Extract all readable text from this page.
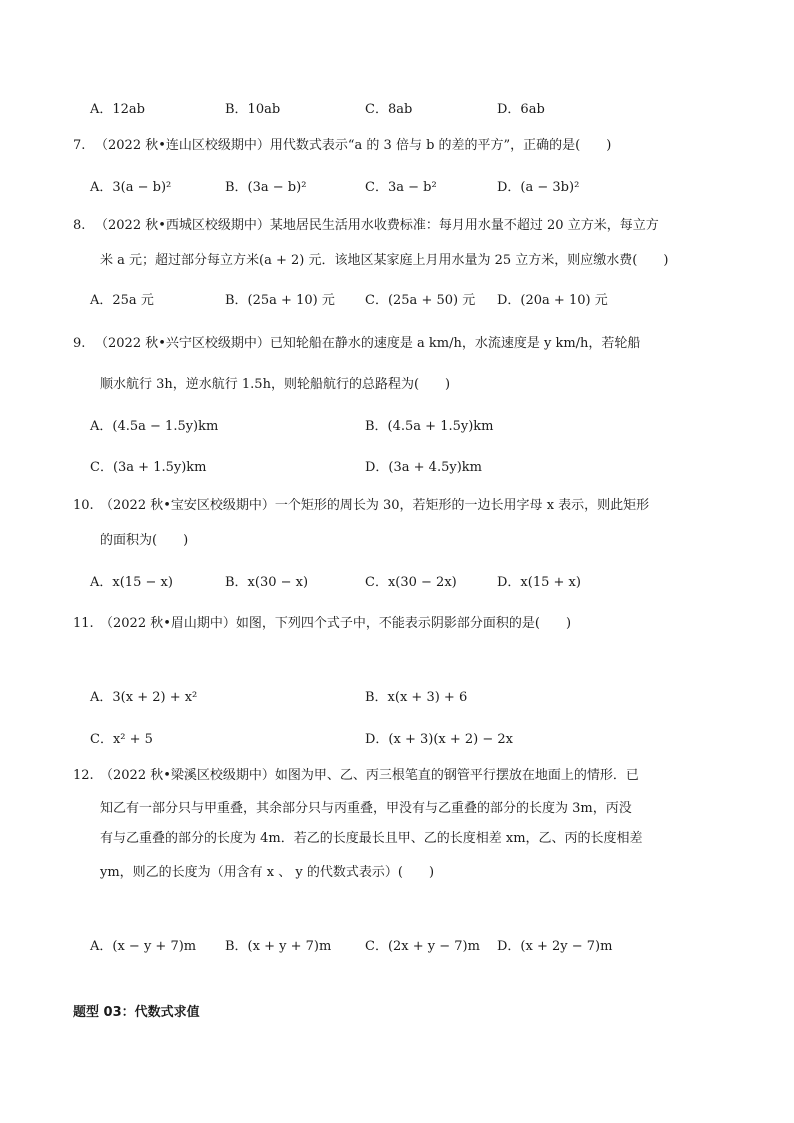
A．12ab	B．10ab	C．8ab	D．6ab
7. （2022 秋•连山区校级期中）用代数式表示“a 的 3 倍与 b 的差的平方”，正确的是(　　)
A．3(a − b)²	B．(3a − b)²	C．3a − b²	D．(a − 3b)²
8. （2022 秋•西城区校级期中）某地居民生活用水收费标准：每月用水量不超过 20 立方米，每立方
米 a 元；超过部分每立方米(a + 2) 元．该地区某家庭上月用水量为 25 立方米，则应缴水费(　　)
A．25a 元	B．(25a + 10) 元 C．(25a + 50) 元 D．(20a + 10) 元
9. （2022 秋•兴宁区校级期中）已知轮船在静水的速度是 a km/h，水流速度是 y km/h，若轮船
顺水航行 3h，逆水航行 1.5h，则轮船航行的总路程为(　　)
A．(4.5a − 1.5y)km	B．(4.5a + 1.5y)km
C．(3a + 1.5y)km	D．(3a + 4.5y)km
10. （2022 秋•宝安区校级期中）一个矩形的周长为 30，若矩形的一边长用字母 x 表示，则此矩形
的面积为(　　)
A．x(15 − x)	B．x(30 − x)	C．x(30 − 2x)	D．x(15 + x)
11. （2022 秋•眉山期中）如图，下列四个式子中，不能表示阴影部分面积的是(　　)
A．3(x + 2) + x²	B．x(x + 3) + 6
C．x² + 5	D．(x + 3)(x + 2) − 2x
12. （2022 秋•梁溪区校级期中）如图为甲、乙、丙三根笔直的钢管平行摆放在地面上的情形．已
知乙有一部分只与甲重叠，其余部分只与丙重叠，甲没有与乙重叠的部分的长度为 3m，丙没
有与乙重叠的部分的长度为 4m．若乙的长度最长且甲、乙的长度相差 xm，乙、丙的长度相差
ym，则乙的长度为（用含有 x 、 y 的代数式表示）(　　)
A．(x − y + 7)m B．(x + y + 7)m	C．(2x + y − 7)m D．(x + 2y − 7)m
题型 03：代数式求值
